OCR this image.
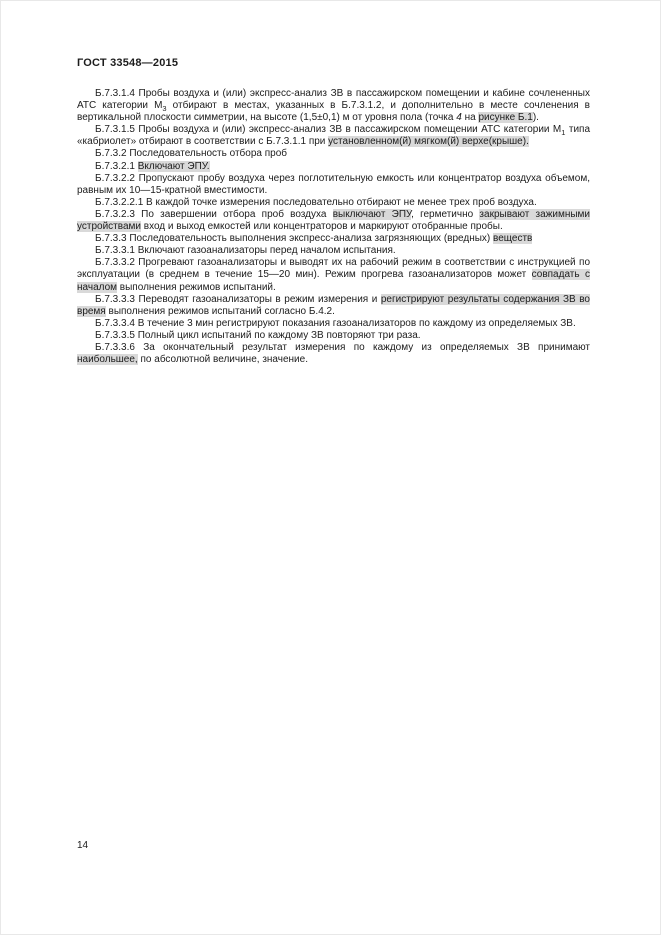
ГОСТ 33548—2015

Б.7.3.1.4 Пробы воздуха и (или) экспресс-анализ ЗВ в пассажирском помещении и кабине сочлененных АТС категории $М_3$ отбирают в местах, указанных в Б.7.3.1.2, и дополнительно в месте сочленения в вертикальной плоскости симметрии, на высоте (1,5±0,1) м от уровня пола (точка 4 на рисунке Б.1).

Б.7.3.1.5 Пробы воздуха и (или) экспресс-анализ ЗВ в пассажирском помещении АТС категории $М_1$ типа «кабриолет» отбирают в соответствии с Б.7.3.1.1 при установленном(й) мягком(й) верхе(крыше).

Б.7.3.2 Последовательность отбора проб

Б.7.3.2.1 Включают ЭПУ.

Б.7.3.2.2 Пропускают пробу воздуха через поглотительную емкость или концентратор воздуха объемом, равным их 10—15-кратной вместимости.

Б.7.3.2.2.1 В каждой точке измерения последовательно отбирают не менее трех проб воздуха.

Б.7.3.2.3 По завершении отбора проб воздуха выключают ЭПУ, герметично закрывают зажимными устройствами вход и выход емкостей или концентраторов и маркируют отобранные пробы.

Б.7.3.3 Последовательность выполнения экспресс-анализа загрязняющих (вредных) веществ

Б.7.3.3.1 Включают газоанализаторы перед началом испытания.

Б.7.3.3.2 Прогревают газоанализаторы и выводят их на рабочий режим в соответствии с инструкцией по эксплуатации (в среднем в течение 15—20 мин). Режим прогрева газоанализаторов может совпадать с началом выполнения режимов испытаний.

Б.7.3.3.3 Переводят газоанализаторы в режим измерения и регистрируют результаты содержания ЗВ во время выполнения режимов испытаний согласно Б.4.2.

Б.7.3.3.4 В течение 3 мин регистрируют показания газоанализаторов по каждому из определяемых ЗВ.

Б.7.3.3.5 Полный цикл испытаний по каждому ЗВ повторяют три раза.

Б.7.3.3.6 За окончательный результат измерения по каждому из определяемых ЗВ принимают наибольшее, по абсолютной величине, значение.

14
